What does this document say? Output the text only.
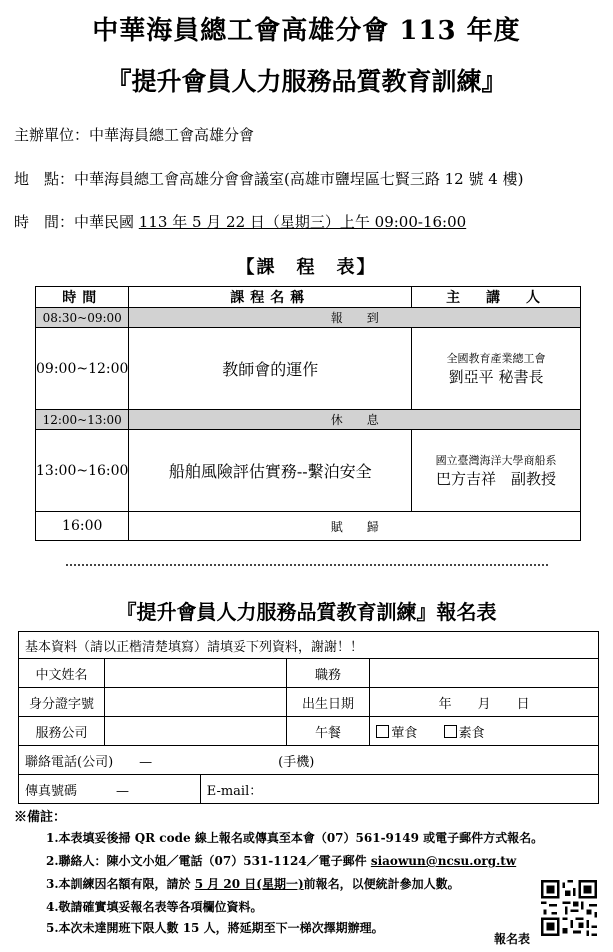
中華海員總工會高雄分會 113 年度
『提升會員人力服務品質教育訓練』
主辦單位：中華海員總工會高雄分會
地　點：中華海員總工會高雄分會會議室(高雄市鹽埕區七賢三路 12 號 4 樓)
時　間：中華民國 113 年 5 月 22 日（星期三）上午 09:00-16:00
【課　程　表】
時間	課程名稱	主　講　人
08:30~09:00	報　　到	
09:00~12:00	教師會的運作	全國教育產業總工會
劉亞平 秘書長

12:00~13:00	休　　息	
13:00~16:00	船舶風險評估實務--繫泊安全	國立臺灣海洋大學商船系
巴方吉祥　副教授

16:00	賦　　歸	
『提升會員人力服務品質教育訓練』報名表
基本資料（請以正楷清楚填寫）請填妥下列資料，謝謝！！				
中文姓名			職務	
身分證字號			出生日期	年　　月　　日
服務公司			午餐	葷食 素食
聯絡電話(公司)　　— (手機)				
傳真號碼　　　—		E-mail：		
※備註：
1.本表填妥後掃 QR code 線上報名或傳真至本會（07）561-9149 或電子郵件方式報名。
2.聯絡人：陳小文小姐／電話（07）531-1124／電子郵件 siaowun@ncsu.org.tw
3.本訓練因名額有限，請於 5 月 20 日(星期一)前報名，以便統計參加人數。
4.敬請確實填妥報名表等各項欄位資料。
5.本次未達開班下限人數 15 人，將延期至下一梯次擇期辦理。
報名表
